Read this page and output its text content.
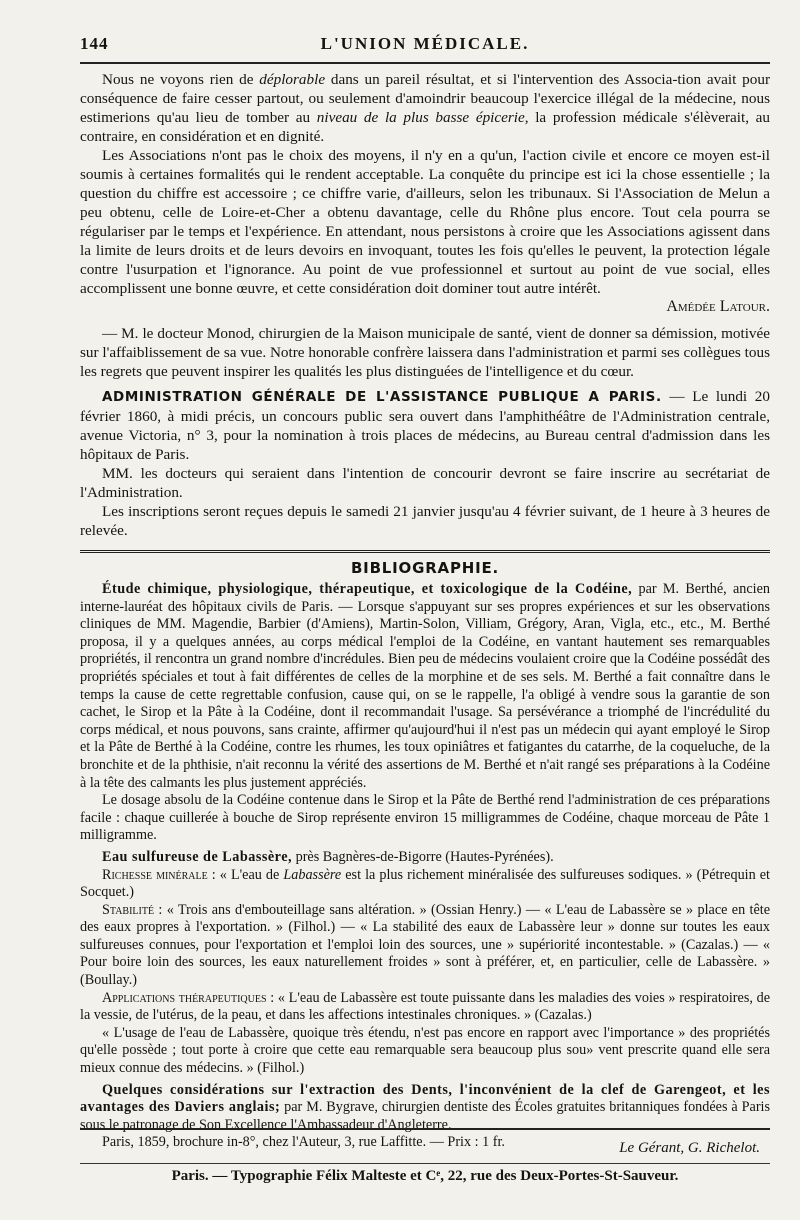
144	L'UNION MÉDICALE.

Nous ne voyons rien de déplorable dans un pareil résultat, et si l'intervention des Associa-tion avait pour conséquence de faire cesser partout, ou seulement d'amoindrir beaucoup l'exercice illégal de la médecine, nous estimerions qu'au lieu de tomber au niveau de la plus basse épicerie, la profession médicale s'élèverait, au contraire, en considération et en dignité.

Les Associations n'ont pas le choix des moyens, il n'y en a qu'un, l'action civile et encore ce moyen est-il soumis à certaines formalités qui le rendent acceptable. La conquête du principe est ici la chose essentielle ; la question du chiffre est accessoire ; ce chiffre varie, d'ailleurs, selon les tribunaux. Si l'Association de Melun a peu obtenu, celle de Loire-et-Cher a obtenu davantage, celle du Rhône plus encore. Tout cela pourra se régulariser par le temps et l'expérience. En attendant, nous persistons à croire que les Associations agissent dans la limite de leurs droits et de leurs devoirs en invoquant, toutes les fois qu'elles le peuvent, la protection légale contre l'usurpation et l'ignorance. Au point de vue professionnel et surtout au point de vue social, elles accomplissent une bonne œuvre, et cette considération doit dominer tout autre intérêt.

Amédée Latour.

— M. le docteur Monod, chirurgien de la Maison municipale de santé, vient de donner sa démission, motivée sur l'affaiblissement de sa vue. Notre honorable confrère laissera dans l'administration et parmi ses collègues tous les regrets que peuvent inspirer les qualités les plus distinguées de l'intelligence et du cœur.

ADMINISTRATION GÉNÉRALE DE L'ASSISTANCE PUBLIQUE A PARIS. — Le lundi 20 février 1860, à midi précis, un concours public sera ouvert dans l'amphithéâtre de l'Administration centrale, avenue Victoria, n° 3, pour la nomination à trois places de médecins, au Bureau central d'admission dans les hôpitaux de Paris.

MM. les docteurs qui seraient dans l'intention de concourir devront se faire inscrire au secrétariat de l'Administration.

Les inscriptions seront reçues depuis le samedi 21 janvier jusqu'au 4 février suivant, de 1 heure à 3 heures de relevée.

BIBLIOGRAPHIE.

Étude chimique, physiologique, thérapeutique, et toxicologique de la Codéine, par M. Berthé, ancien interne-lauréat des hôpitaux civils de Paris. — Lorsque s'appuyant sur ses propres expériences et sur les observations cliniques de MM. Magendie, Barbier (d'Amiens), Martin-Solon, Villiam, Grégory, Aran, Vigla, etc., etc., M. Berthé proposa, il y a quelques années, au corps médical l'emploi de la Codéine, en vantant hautement ses remarquables propriétés, il rencontra un grand nombre d'incrédules. Bien peu de médecins voulaient croire que la Codéine possédât des propriétés spéciales et tout à fait différentes de celles de la morphine et de ses sels. M. Berthé a fait connaître dans le temps la cause de cette regrettable confusion, cause qui, on se le rappelle, l'a obligé à vendre sous la garantie de son cachet, le Sirop et la Pâte à la Codéine, dont il recommandait l'usage. Sa persévérance a triomphé de l'incrédulité du corps médical, et nous pouvons, sans crainte, affirmer qu'aujourd'hui il n'est pas un médecin qui ayant employé le Sirop et la Pâte de Berthé à la Codéine, contre les rhumes, les toux opiniâtres et fatigantes du catarrhe, de la coqueluche, de la bronchite et de la phthisie, n'ait reconnu la vérité des assertions de M. Berthé et n'ait rangé ses préparations à la Codéine à la tête des calmants les plus justement appréciés.

Le dosage absolu de la Codéine contenue dans le Sirop et la Pâte de Berthé rend l'administration de ces préparations facile : chaque cuillerée à bouche de Sirop représente environ 15 milligrammes de Codéine, chaque morceau de Pâte 1 milligramme.

Eau sulfureuse de Labassère, près Bagnères-de-Bigorre (Hautes-Pyrénées).

Richesse minérale : « L'eau de Labassère est la plus richement minéralisée des sulfureuses sodiques. » (Pétrequin et Socquet.)

Stabilité : « Trois ans d'embouteillage sans altération. » (Ossian Henry.) — « L'eau de Labassère se » place en tête des eaux propres à l'exportation. » (Filhol.) — « La stabilité des eaux de Labassère leur » donne sur toutes les eaux sulfureuses connues, pour l'exportation et l'emploi loin des sources, une » supériorité incontestable. » (Cazalas.) — « Pour boire loin des sources, les eaux naturellement froides » sont à préférer, et, en particulier, celle de Labassère. » (Boullay.)

Applications thérapeutiques : « L'eau de Labassère est toute puissante dans les maladies des voies » respiratoires, de la vessie, de l'utérus, de la peau, et dans les affections intestinales chroniques. » (Cazalas.)

« L'usage de l'eau de Labassère, quoique très étendu, n'est pas encore en rapport avec l'importance » des propriétés qu'elle possède ; tout porte à croire que cette eau remarquable sera beaucoup plus sou» vent prescrite quand elle sera mieux connue des médecins. » (Filhol.)

Quelques considérations sur l'extraction des Dents, l'inconvénient de la clef de Garengeot, et les avantages des Daviers anglais; par M. Bygrave, chirurgien dentiste des Écoles gratuites britanniques fondées à Paris sous le patronage de Son Excellence l'Ambassadeur d'Angleterre.

Paris, 1859, brochure in-8°, chez l'Auteur, 3, rue Laffitte. — Prix : 1 fr.	Le Gérant, G. Richelot.
Paris. — Typographie Félix Malteste et Cᵉ, 22, rue des Deux-Portes-St-Sauveur.
